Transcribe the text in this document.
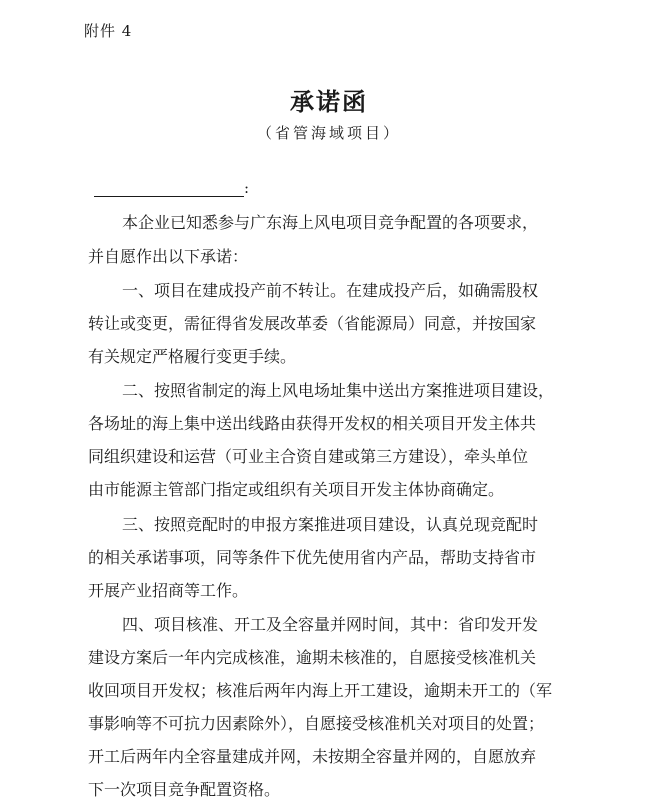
附件 4
承诺函
（省管海域项目）
:
本企业已知悉参与广东海上风电项目竞争配置的各项要求，
并自愿作出以下承诺：
一、项目在建成投产前不转让。在建成投产后，如确需股权
转让或变更，需征得省发展改革委（省能源局）同意，并按国家
有关规定严格履行变更手续。
二、按照省制定的海上风电场址集中送出方案推进项目建设，
各场址的海上集中送出线路由获得开发权的相关项目开发主体共
同组织建设和运营（可业主合资自建或第三方建设），牵头单位
由市能源主管部门指定或组织有关项目开发主体协商确定。
三、按照竞配时的申报方案推进项目建设，认真兑现竞配时
的相关承诺事项，同等条件下优先使用省内产品，帮助支持省市
开展产业招商等工作。
四、项目核准、开工及全容量并网时间，其中：省印发开发
建设方案后一年内完成核准，逾期未核准的，自愿接受核准机关
收回项目开发权；核准后两年内海上开工建设，逾期未开工的（军
事影响等不可抗力因素除外），自愿接受核准机关对项目的处置；
开工后两年内全容量建成并网，未按期全容量并网的，自愿放弃
下一次项目竞争配置资格。
